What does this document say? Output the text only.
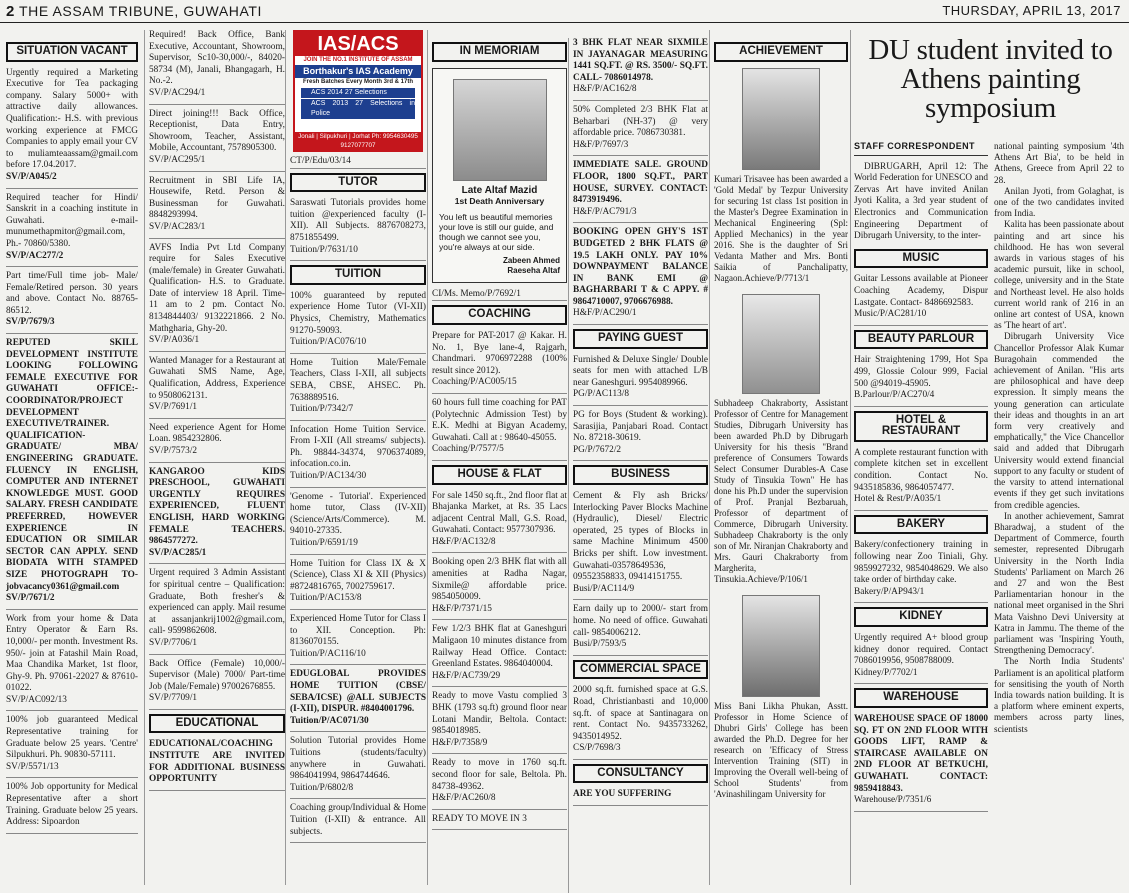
2 THE ASSAM TRIBUNE, GUWAHATI	THURSDAY, APRIL 13, 2017
SITUATION VACANT
Urgently required a Marketing Executive for Tea packaging company. Salary 5000+ with attractive daily allowances. Qualification:- H.S. with previous working experience at FMCG Companies to apply email your CV to muliamteaassam@gmail.com before 17.04.2017.
SV/P/A045/2
Required teacher for Hindi/ Sanskrit in a coaching institute in Guwahati. e-mail-munumethapmitor@gmail.com, Ph.- 70860/5380.
SV/P/AC277/2
Part time/Full time job- Male/ Female/Retired person. 30 years and above. Contact No. 88765-86512.
SV/P/7679/3
REPUTED SKILL DEVELOPMENT INSTITUTE LOOKING FOLLOWING FEMALE EXECUTIVE FOR GUWAHATI OFFICE:- COORDINATOR/PROJECT DEVELOPMENT EXECUTIVE/TRAINER. QUALIFICATION- GRADUATE/ MBA/ ENGINEERING GRADUATE. FLUENCY IN ENGLISH, COMPUTER AND INTERNET KNOWLEDGE MUST. GOOD SALARY. FRESH CANDIDATE PREFERRED, HOWEVER EXPERIENCE IN EDUCATION OR SIMILAR SECTOR CAN APPLY. SEND BIODATA WITH STAMPED SIZE PHOTOGRAPH TO- jobvacancy0361@gmail.com
SV/P/7671/2
Work from your home & Data Entry Operator & Earn Rs. 10,000/- per month. Investment Rs. 950/- join at Fatashil Main Road, Maa Chandika Market, 1st floor, Ghy-9. Ph. 97061-22027 & 87610-01022.
SV/P/AC092/13
100% job guaranteed Medical Representative training for Graduate below 25 years. 'Centre' Silpukhuri. Ph. 90830-57111.
SV/P/5571/13
100% Job opportunity for Medical Representative after a short Training. Graduate below 25 years. Address: Sipoardon
Required! Back Office, Bank Executive, Accountant, Showroom, Supervisor, Sc10-30,000/-, 84020-58734 (M), Janali, Bhangagarh, H. No.-2.
SV/P/AC294/1
Direct joining!!! Back Office, Receptionist, Data Entry, Showroom, Teacher, Assistant, Mobile, Accountant, 7578905300.
SV/P/AC295/1
Recruitment in SBI Life IA, Housewife, Retd. Person & Businessman for Guwahati. 8848293994.
SV/P/AC283/1
AVFS India Pvt Ltd Company require for Sales Executive (male/female) in Greater Guwahati. Qualification- H.S. to Graduate. Date of interview 18 April. Time- 11 am to 2 pm. Contact No. 8134844403/ 9132221866. 2 No. Mathgharia, Ghy-20.
SV/P/A036/1
Wanted Manager for a Restaurant at Guwahati SMS Name, Age, Qualification, Address, Experience to 9508062131.
SV/P/7691/1
Need experience Agent for Home Loan. 9854232806.
SV/P/7573/2
KANGAROO KIDS PRESCHOOL, GUWAHATI URGENTLY REQUIRES EXPERIENCED, FLUENT ENGLISH, HARD WORKING FEMALE TEACHERS. 9864577272.
SV/P/AC285/1
Urgent required 3 Admin Assistant for spiritual centre – Qualification: Graduate, Both fresher's & experienced can apply. Mail resume at assanjankrij1002@gmail.com, call- 9599862608.
SV/P/7706/1
Back Office (Female) 10,000/- Supervisor (Male) 7000/ Part-time Job (Male/Female) 97002676855.
SV/P/7709/1
EDUCATIONAL
EDUCATIONAL/COACHING INSTITUTE ARE INVITED FOR ADDITIONAL BUSINESS OPPORTUNITY
IAS/ACS
JOIN THE NO.1 INSTITUTE OF ASSAM
Borthakur's IAS Academy
Fresh Batches Every Month 3rd & 17th
ACS 2014 27 Selections
ACS 2013 27 Selections in Police
Jonali | Silpukhuri | Jorhat Ph: 9954630495 9127077707
CT/P/Edu/03/14
TUTOR
Saraswati Tutorials provides home tuition @experienced faculty (I-XII). All Subjects. 8876708273, 8751855499.
Tuition/P/7631/10
TUITION
100% guaranteed by reputed experience Home Tutor (VI-XII) Physics, Chemistry, Mathematics 91270-59093.
Tuition/P/AC076/10
Home Tuition Male/Female Teachers, Class I-XII, all subjects SEBA, CBSE, AHSEC. Ph. 7638889516.
Tuition/P/7342/7
Infocation Home Tuition Service. From I-XII (All streams/ subjects). Ph. 98844-34374, 9706374089, infocation.co.in.
Tuition/P/AC134/30
'Genome - Tutorial'. Experienced home tutor, Class (IV-XII) (Science/Arts/Commerce). M. 94010-27335.
Tuition/P/6591/19
Home Tuition for Class IX & X (Science), Class XI & XII (Physics) #8724816765, 7002759617.
Tuition/P/AC153/8
Experienced Home Tutor for Class I to XII. Conception. Ph: 8136070155.
Tuition/P/AC116/10
EDUGLOBAL PROVIDES HOME TUITION (CBSE/ SEBA/ICSE) @ALL SUBJECTS (I-XII), DISPUR. #8404001796.
Tuition/P/AC071/30
Solution Tutorial provides Home Tuitions (students/faculty) anywhere in Guwahati. 9864041994, 9864744646.
Tuition/P/6802/8
Coaching group/Individual & Home Tuition (I-XII) & entrance. All subjects.
IN MEMORIAM
Late Altaf Mazid
1st Death Anniversary
You left us beautiful memories your love is still our guide, and though we cannot see you, you're always at our side.
Zabeen Ahmed
Raeseha Altaf
CI/Ms. Memo/P/7692/1
COACHING
Prepare for PAT-2017 @ Kakar. H. No. 1, Bye lane-4, Rajgarh, Chandmari. 9706972288 (100% result since 2012).
Coaching/P/AC005/15
60 hours full time coaching for PAT (Polytechnic Admission Test) by E.K. Medhi at Bigyan Academy, Guwahati. Call at : 98640-45055.
Coaching/P/7577/5
HOUSE & FLAT
For sale 1450 sq.ft., 2nd floor flat at Bhajanka Market, at Rs. 35 Lacs adjacent Central Mall, G.S. Road, Guwahati. Contact: 9577307936.
H&F/P/AC132/8
Booking open 2/3 BHK flat with all amenities at Radha Nagar, Sixmile@ affordable price. 9854050009.
H&F/P/7371/15
Few 1/2/3 BHK flat at Ganeshguri Maligaon 10 minutes distance from Railway Head Office. Contact: Greenland Estates. 9864040004.
H&F/P/AC739/29
Ready to move Vastu complied 3 BHK (1793 sq.ft) ground floor near Lotani Mandir, Beltola. Contact: 9854018985.
H&F/P/7358/9
Ready to move in 1760 sq.ft. second floor for sale, Beltola. Ph. 84738-49362.
H&F/P/AC260/8
READY TO MOVE IN 3
3 BHK FLAT NEAR SIXMILE IN JAYANAGAR MEASURING 1441 SQ.FT. @ RS. 3500/- SQ.FT. CALL- 7086014978.
H&F/P/AC162/8
50% Completed 2/3 BHK Flat at Beharbari (NH-37) @ very affordable price. 7086730381.
H&F/P/7697/3
IMMEDIATE SALE. GROUND FLOOR, 1800 SQ.FT., PART HOUSE, SURVEY. CONTACT: 8473919496.
H&F/P/AC791/3
BOOKING OPEN GHY'S 1ST BUDGETED 2 BHK FLATS @ 19.5 LAKH ONLY. PAY 10% DOWNPAYMENT BALANCE IN BANK EMI @ BAGHARBARI T & C APPY. # 9864710007, 9706676988.
H&F/P/AC290/1
PAYING GUEST
Furnished & Deluxe Single/ Double seats for men with attached L/B near Ganeshguri. 9954089966.
PG/P/AC113/8
PG for Boys (Student & working). Sarasijia, Panjabari Road. Contact No. 87218-30619.
PG/P/7672/2
BUSINESS
Cement & Fly ash Bricks/ Interlocking Paver Blocks Machine (Hydraulic), Diesel/ Electric operated, 25 types of Blocks in same Machine Minimum 4500 Bricks per shift. Low investment. Guwahati-03578649536, 09552358833, 09414151755.
Busi/P/AC114/9
Earn daily up to 2000/- start from home. No need of office. Guwahati call- 9854006212.
Busi/P/7593/5
COMMERCIAL SPACE
2000 sq.ft. furnished space at G.S. Road, Christianbasti and 10,000 sq.ft. of space at Santinagara on rent. Contact No. 9435733262, 9435014952.
CS/P/7698/3
CONSULTANCY
ARE YOU SUFFERING
ACHIEVEMENT
Kumari Trisavee has been awarded a 'Gold Medal' by Tezpur University for securing 1st class 1st position in the Master's Degree Examination in Mechanical Engineering (Spl: Applied Mechanics) in the year 2016. She is the daughter of Sri Vedanta Mather and Mrs. Bonti Saikia of Panchalipatty, Nagaon.Achieve/P/7713/1
Subhadeep Chakraborty, Assistant Professor of Centre for Management Studies, Dibrugarh University has been awarded Ph.D by Dibrugarh University for his thesis "Brand preference of Consumers Towards Select Consumer Durables-A Case Study of Tinsukia Town" He has done his Ph.D under the supervision of Prof. Pranjal Bezbaruah, Professor of department of Commerce, Dibrugarh University. Subhadeep Chakraborty is the only son of Mr. Niranjan Chakraborty and Mrs. Gauri Chakraborty from Margherita, Tinsukia.Achieve/P/106/1
Miss Bani Likha Phukan, Asstt. Professor in Home Science of Dhubri Girls' College has been awarded the Ph.D. Degree for her research on 'Efficacy of Stress Intervention Training (SIT) in Improving the Overall well-being of School Students' from 'Avinashilingam University for
DU student invited to Athens painting symposium
STAFF CORRESPONDENT
DIBRUGARH, April 12: The World Federation for UNESCO and Zervas Art have invited Anilan Jyoti Kalita, a 3rd year student of Electronics and Communication Engineering Department of Dibrugarh University, to the inter-
MUSIC
Guitar Lessons available at Pioneer Coaching Academy, Dispur Lastgate. Contact- 8486692583.
Music/P/AC281/10
BEAUTY PARLOUR
Hair Straightening 1799, Hot Spa 499, Glossie Colour 999, Facial 500 @94019-45905.
B.Parlour/P/AC270/4
HOTEL & RESTAURANT
A complete restaurant function with complete kitchen set in excellent condition. Contact No. 9435185836, 9864057477.
Hotel & Rest/P/A035/1
BAKERY
Bakery/confectionery training in following near Zoo Tiniali, Ghy. 9859927232, 9854048629. We also take order of birthday cake.
Bakery/P/AP943/1
KIDNEY
Urgently required A+ blood group kidney donor required. Contact 7086019956, 9508788009.
Kidney/P/7702/1
WAREHOUSE
WAREHOUSE SPACE OF 18000 SQ. FT ON 2ND FLOOR WITH GOODS LIFT, RAMP & STAIRCASE AVAILABLE ON 2ND FLOOR AT BETKUCHI, GUWAHATI. CONTACT: 9859418843.
Warehouse/P/7351/6

national painting symposium '4th Athens Art Bia', to be held in Athens, Greece from April 22 to 28.

Anilan Jyoti, from Golaghat, is one of the two candidates invited from India.

Kalita has been passionate about painting and art since his childhood. He has won several awards in various stages of his academic pursuit, like in school, college, university and in the State and Northeast level. He also holds current world rank of 216 in an online art contest of USA, known as 'The heart of art'.

Dibrugarh University Vice Chancellor Professor Alak Kumar Buragohain commended the achievement of Anilan. "His arts are philosophical and have deep expression. It simply means the young generation can articulate their ideas and thoughts in an art form very creatively and emphatically," the Vice Chancellor said and added that Dibrugarh University would extend financial support to any faculty or student of the varsity to attend international events if they get such invitations from credible agencies.

In another achievement, Samrat Bharadwaj, a student of the Department of Commerce, fourth semester, represented Dibrugarh University in the North India Students' Parliament on March 26 and 27 and won the Best Parliamentarian honour in the national meet organised in the Shri Mata Vaishno Devi University at Katra in Jammu. The theme of the parliament was 'Inspiring Youth, Strengthening Democracy'.

The North India Students' Parliament is an apolitical platform for sensitising the youth of North India towards nation building. It is a platform where eminent experts, members across party lines, scientists
